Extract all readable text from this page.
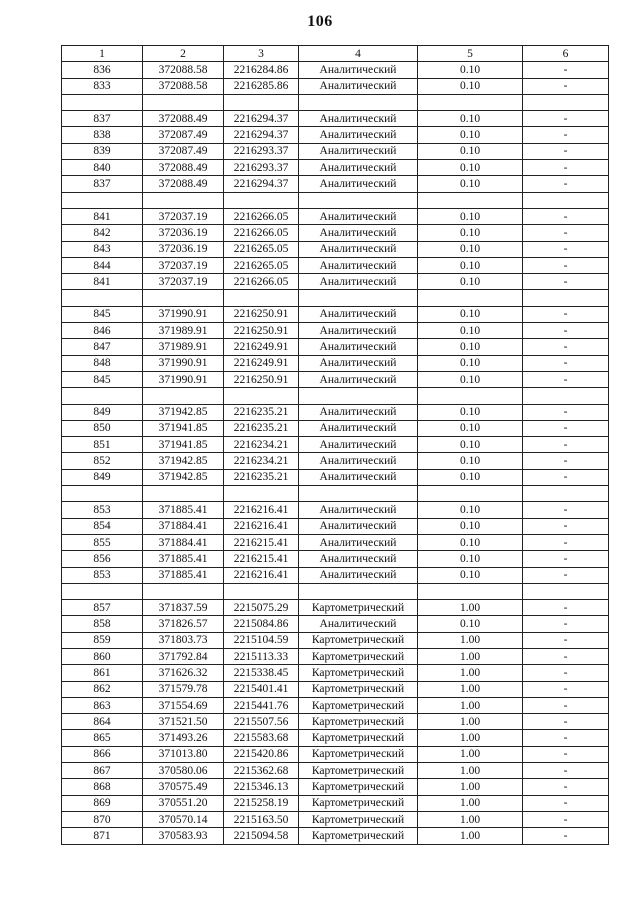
106
1	2	3	4	5	6
836	372088.58	2216284.86	Аналитический	0.10	-
833	372088.58	2216285.86	Аналитический	0.10	-

837	372088.49	2216294.37	Аналитический	0.10	-
838	372087.49	2216294.37	Аналитический	0.10	-
839	372087.49	2216293.37	Аналитический	0.10	-
840	372088.49	2216293.37	Аналитический	0.10	-
837	372088.49	2216294.37	Аналитический	0.10	-

841	372037.19	2216266.05	Аналитический	0.10	-
842	372036.19	2216266.05	Аналитический	0.10	-
843	372036.19	2216265.05	Аналитический	0.10	-
844	372037.19	2216265.05	Аналитический	0.10	-
841	372037.19	2216266.05	Аналитический	0.10	-

845	371990.91	2216250.91	Аналитический	0.10	-
846	371989.91	2216250.91	Аналитический	0.10	-
847	371989.91	2216249.91	Аналитический	0.10	-
848	371990.91	2216249.91	Аналитический	0.10	-
845	371990.91	2216250.91	Аналитический	0.10	-

849	371942.85	2216235.21	Аналитический	0.10	-
850	371941.85	2216235.21	Аналитический	0.10	-
851	371941.85	2216234.21	Аналитический	0.10	-
852	371942.85	2216234.21	Аналитический	0.10	-
849	371942.85	2216235.21	Аналитический	0.10	-

853	371885.41	2216216.41	Аналитический	0.10	-
854	371884.41	2216216.41	Аналитический	0.10	-
855	371884.41	2216215.41	Аналитический	0.10	-
856	371885.41	2216215.41	Аналитический	0.10	-
853	371885.41	2216216.41	Аналитический	0.10	-

857	371837.59	2215075.29	Картометрический	1.00	-
858	371826.57	2215084.86	Аналитический	0.10	-
859	371803.73	2215104.59	Картометрический	1.00	-
860	371792.84	2215113.33	Картометрический	1.00	-
861	371626.32	2215338.45	Картометрический	1.00	-
862	371579.78	2215401.41	Картометрический	1.00	-
863	371554.69	2215441.76	Картометрический	1.00	-
864	371521.50	2215507.56	Картометрический	1.00	-
865	371493.26	2215583.68	Картометрический	1.00	-
866	371013.80	2215420.86	Картометрический	1.00	-
867	370580.06	2215362.68	Картометрический	1.00	-
868	370575.49	2215346.13	Картометрический	1.00	-
869	370551.20	2215258.19	Картометрический	1.00	-
870	370570.14	2215163.50	Картометрический	1.00	-
871	370583.93	2215094.58	Картометрический	1.00	-
